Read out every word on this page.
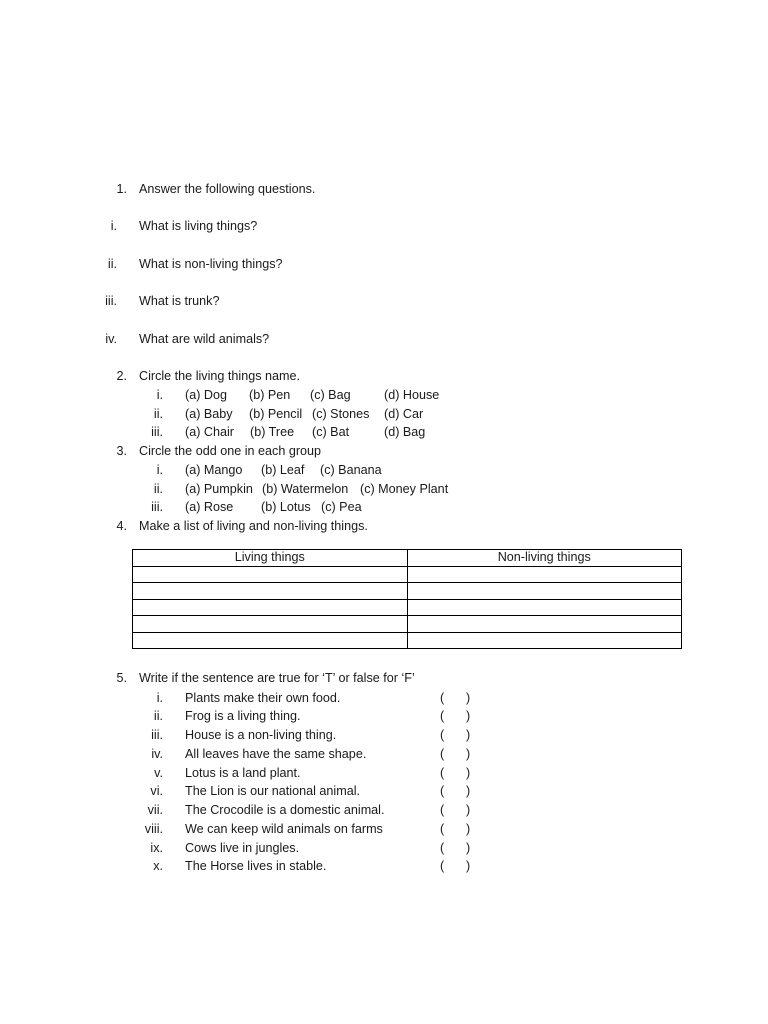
1. Answer the following questions.
i. What is living things?
ii. What is non-living things?
iii. What is trunk?
iv. What are wild animals?
2. Circle the living things name.
i. (a) Dog (b) Pen (c) Bag	(d) House
ii. (a) Baby (b) Pencil (c) Stones (d) Car
iii. (a) Chair (b) Tree (c) Bat	(d) Bag
3. Circle the odd one in each group
i. (a) Mango (b) Leaf (c) Banana
ii. (a) Pumpkin (b) Watermelon (c) Money Plant
iii. (a) Rose (b) Lotus (c) Pea
4. Make a list of living and non-living things.
Living things	Non-living things

5. Write if the sentence are true for ‘T’ or false for ‘F’
i. Plants make their own food.	( )
ii. Frog is a living thing.	( )
iii. House is a non-living thing.	( )
iv. All leaves have the same shape.	( )
v. Lotus is a land plant.	( )
vi. The Lion is our national animal.	( )
vii. The Crocodile is a domestic animal.	( )
viii. We can keep wild animals on farms	( )
ix. Cows live in jungles.	( )
x. The Horse lives in stable.	( )
